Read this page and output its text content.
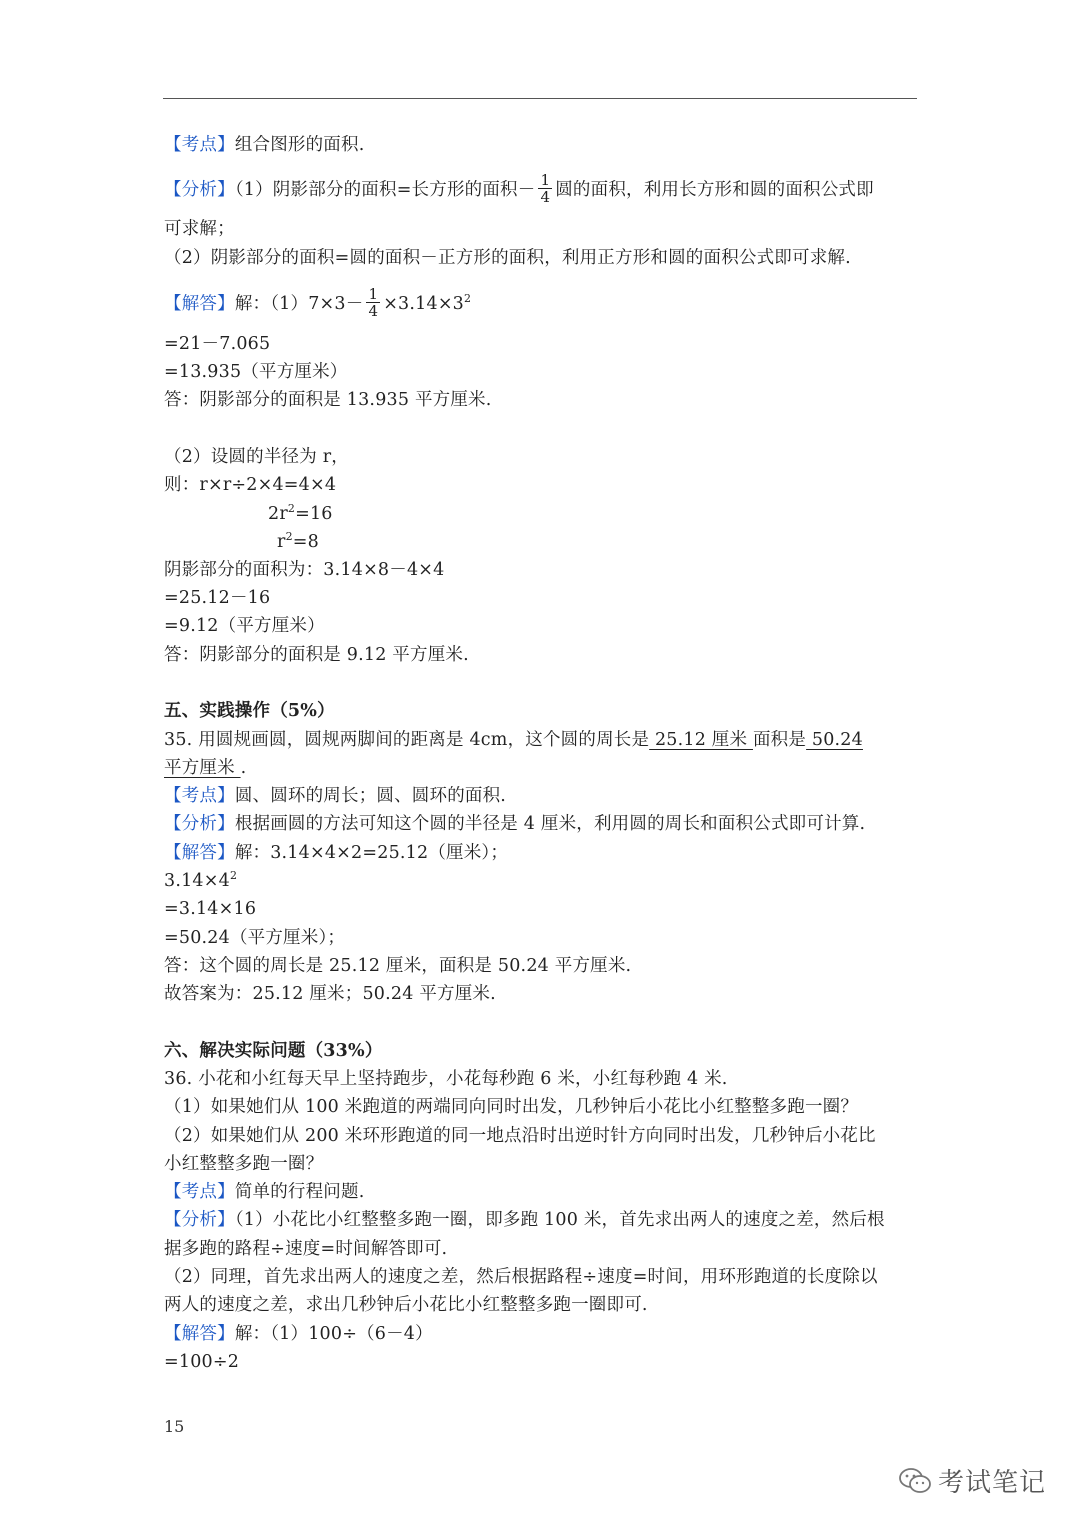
【考点】组合图形的面积.
【分析】（1）阴影部分的面积=长方形的面积－ $\frac{1}{4}$ 圆的面积，利用长方形和圆的面积公式即
可求解；
（2）阴影部分的面积=圆的面积－正方形的面积，利用正方形和圆的面积公式即可求解.
【解答】解：$(1)7\times 3- \frac{1}{4} \times 3.14\times 3^2$
=21－7.065
=13.935（平方厘米）
答：阴影部分的面积是 13.935 平方厘米.
（2）设圆的半径为 r，
则：r×r÷2×4=4×4
$2r^2=16$
$r^2=8$
阴影部分的面积为：3.14×8－4×4
=25.12－16
=9.12（平方厘米）
答：阴影部分的面积是 9.12 平方厘米.
五、实践操作（5%）
35. 用圆规画圆，圆规两脚间的距离是 4cm，这个圆的周长是 25.12 厘米 面积是 50.24
平方厘米 .
【考点】圆、圆环的周长；圆、圆环的面积.
【分析】根据画圆的方法可知这个圆的半径是 4 厘米，利用圆的周长和面积公式即可计算.
【解答】解：3.14×4×2=25.12（厘米）；
$3.14\times 4^2$
=3.14×16
=50.24（平方厘米）；
答：这个圆的周长是 25.12 厘米，面积是 50.24 平方厘米.
故答案为：25.12 厘米；50.24 平方厘米.
六、解决实际问题（33%）
36. 小花和小红每天早上坚持跑步，小花每秒跑 6 米，小红每秒跑 4 米.
（1）如果她们从 100 米跑道的两端同向同时出发，几秒钟后小花比小红整整多跑一圈？
（2）如果她们从 200 米环形跑道的同一地点沿时出逆时针方向同时出发，几秒钟后小花比
小红整整多跑一圈？
【考点】简单的行程问题.
【分析】（1）小花比小红整整多跑一圈，即多跑 100 米，首先求出两人的速度之差，然后根
据多跑的路程÷速度=时间解答即可.
（2）同理，首先求出两人的速度之差，然后根据路程÷速度=时间，用环形跑道的长度除以
两人的速度之差，求出几秒钟后小花比小红整整多跑一圈即可.
【解答】解：（1）100÷（6－4）
=100÷2
15
考试笔记
